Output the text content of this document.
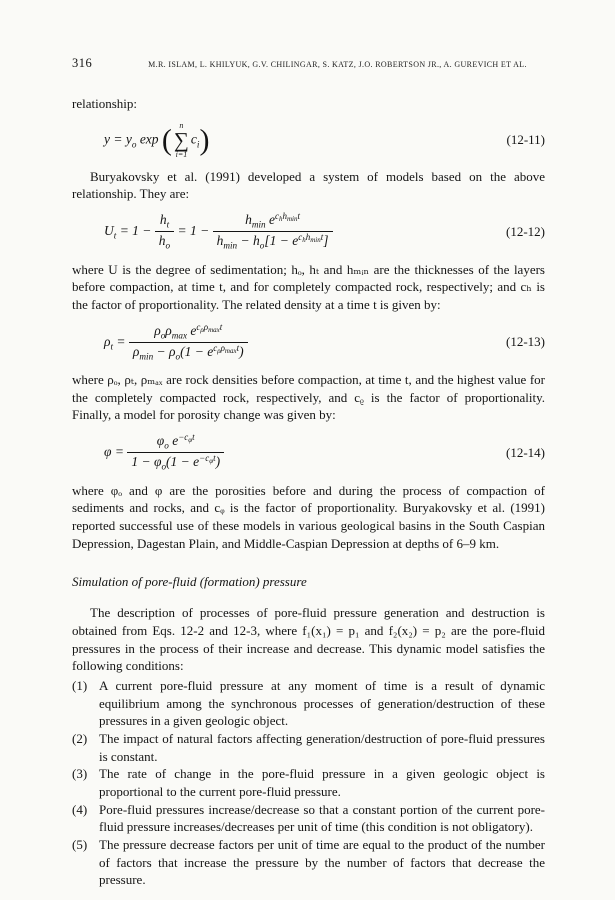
316	M.R. ISLAM, L. KHILYUK, G.V. CHILINGAR, S. KATZ, J.O. ROBERTSON JR., A. GUREVICH ET AL.

relationship:

$y = y_o$ exp ( n
∑
i=1
$c_i$)	(12-11)

Buryakovsky et al. (1991) developed a system of models based on the above relationship. They are:

$U_t = 1 - \frac{h_t}{h_o} = 1 - \frac{h_{min} ec_hh_{min}t}{h_{min} - h_o[1 - ec_hh_{min}t]}$	(12-12)

where U is the degree of sedimentation; hₒ, hₜ and hₘᵢₙ are the thicknesses of the layers before compaction, at time t, and for completely compacted rock, respectively; and cₕ is the factor of proportionality. The related density at a time t is given by:

$\rho_t = \frac{\rho_o\rho_{max} ec_\rho\rho_{max}t}{\rho_{min} - \rho_o(1 - ec_\rho\rho_{max}t)}$	(12-13)

where ρₒ, ρₜ, ρₘₐₓ are rock densities before compaction, at time t, and the highest value for the completely compacted rock, respectively, and cᵨ is the factor of proportionality. Finally, a model for porosity change was given by:

$\varphi = \frac{\varphi_o e-c_\varphi t}{1 - \varphi_o(1 - e-c_\varphi t)}$	(12-14)

where φₒ and φ are the porosities before and during the process of compaction of sediments and rocks, and cᵩ is the factor of proportionality. Buryakovsky et al. (1991) reported successful use of these models in various geological basins in the South Caspian Depression, Dagestan Plain, and Middle-Caspian Depression at depths of 6–9 km.

Simulation of pore-fluid (formation) pressure

The description of processes of pore-fluid pressure generation and destruction is obtained from Eqs. 12-2 and 12-3, where f₁(x₁) = p₁ and f₂(x₂) = p₂ are the pore-fluid pressures in the process of their increase and decrease. This dynamic model satisfies the following conditions:

(1) A current pore-fluid pressure at any moment of time is a result of dynamic equilibrium among the synchronous processes of generation/destruction of these pressures in a given geologic object.
(2) The impact of natural factors affecting generation/destruction of pore-fluid pressures is constant.
(3) The rate of change in the pore-fluid pressure in a given geologic object is proportional to the current pore-fluid pressure.
(4) Pore-fluid pressures increase/decrease so that a constant portion of the current pore-fluid pressure increases/decreases per unit of time (this condition is not obligatory).
(5) The pressure decrease factors per unit of time are equal to the product of the number of factors that increase the pressure by the number of factors that decrease the pressure.
